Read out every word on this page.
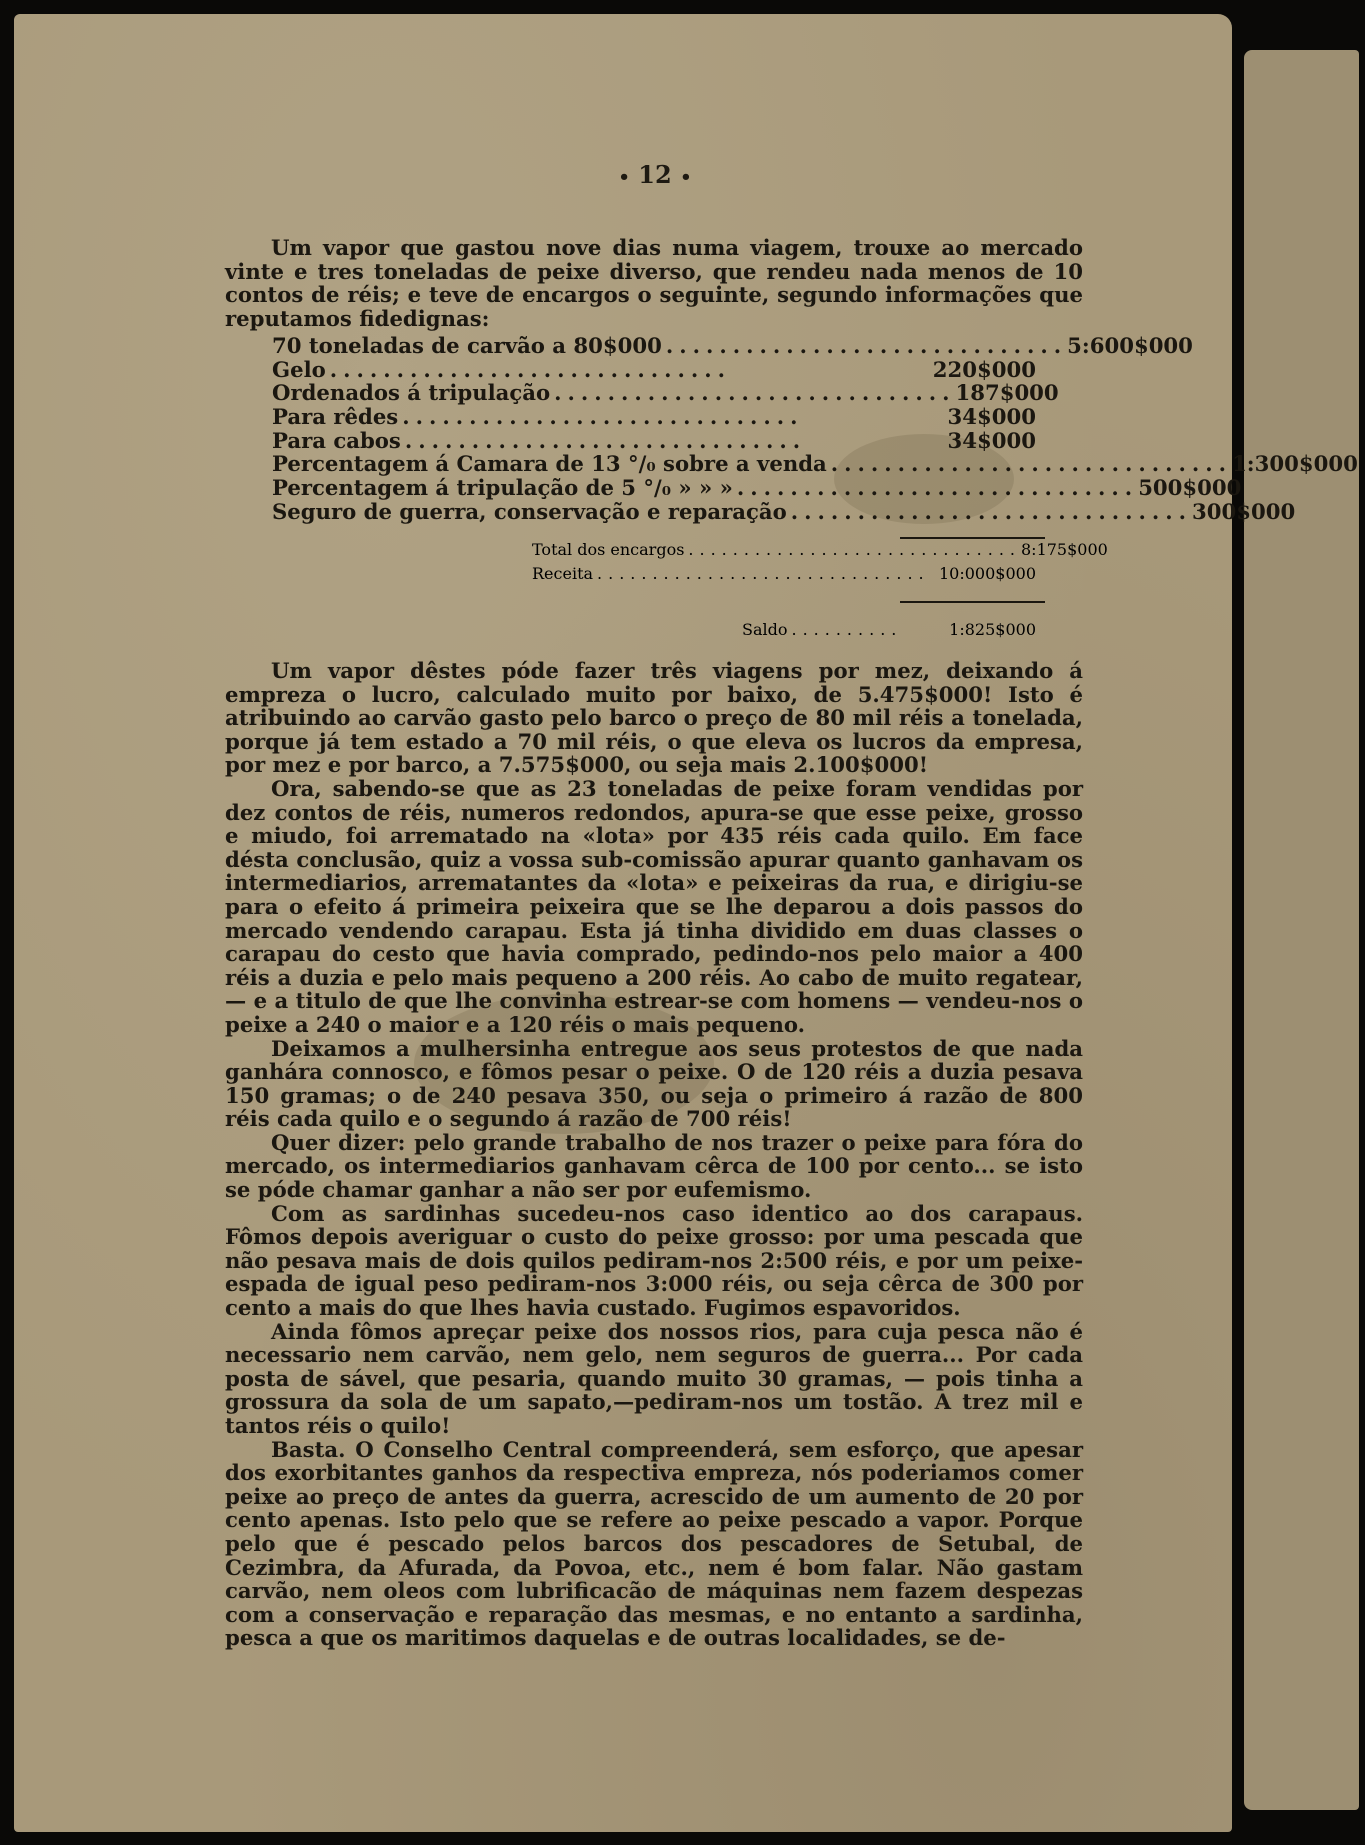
• 12 •

Um vapor que gastou nove dias numa viagem, trouxe ao mercado vinte e tres toneladas de peixe diverso, que rendeu nada menos de 10 contos de réis; e teve de encargos o seguinte, segundo informações que reputamos fidedignas:

70 toneladas de carvão a 80$000 .............................. 5:600$000
Gelo ..............................	220$000
Ordenados á tripulação .............................. 187$000
Para rêdes ..............................	34$000
Para cabos ..............................	34$000
Percentagem á Camara de 13 °/₀ sobre a venda .............................. 1:300$000
Percentagem á tripulação de 5 °/₀ » » » .............................. 500$000
Seguro de guerra, conservação e reparação .............................. 300$000
Total dos encargos .............................. 8:175$000
Receita .............................. 10:000$000
Saldo ..........	1:825$000

Um vapor dêstes póde fazer três viagens por mez, deixando á empreza o lucro, calculado muito por baixo, de 5.475$000! Isto é atribuindo ao carvão gasto pelo barco o preço de 80 mil réis a tonelada, porque já tem estado a 70 mil réis, o que eleva os lucros da empresa, por mez e por barco, a 7.575$000, ou seja mais 2.100$000!

Ora, sabendo-se que as 23 toneladas de peixe foram vendidas por dez contos de réis, numeros redondos, apura-se que esse peixe, grosso e miudo, foi arrematado na «lota» por 435 réis cada quilo. Em face désta conclusão, quiz a vossa sub-comissão apurar quanto ganhavam os intermediarios, arrematantes da «lota» e peixeiras da rua, e dirigiu-se para o efeito á primeira peixeira que se lhe deparou a dois passos do mercado vendendo carapau. Esta já tinha dividido em duas classes o carapau do cesto que havia comprado, pedindo-nos pelo maior a 400 réis a duzia e pelo mais pequeno a 200 réis. Ao cabo de muito regatear, — e a titulo de que lhe convinha estrear-se com homens — vendeu-nos o peixe a 240 o maior e a 120 réis o mais pequeno.

Deixamos a mulhersinha entregue aos seus protestos de que nada ganhára connosco, e fômos pesar o peixe. O de 120 réis a duzia pesava 150 gramas; o de 240 pesava 350, ou seja o primeiro á razão de 800 réis cada quilo e o segundo á razão de 700 réis!

Quer dizer: pelo grande trabalho de nos trazer o peixe para fóra do mercado, os intermediarios ganhavam cêrca de 100 por cento... se isto se póde chamar ganhar a não ser por eufemismo.

Com as sardinhas sucedeu-nos caso identico ao dos carapaus. Fômos depois averiguar o custo do peixe grosso: por uma pescada que não pesava mais de dois quilos pediram-nos 2:500 réis, e por um peixe-espada de igual peso pediram-nos 3:000 réis, ou seja cêrca de 300 por cento a mais do que lhes havia custado. Fugimos espavoridos.

Ainda fômos apreçar peixe dos nossos rios, para cuja pesca não é necessario nem carvão, nem gelo, nem seguros de guerra... Por cada posta de sável, que pesaria, quando muito 30 gramas, — pois tinha a grossura da sola de um sapato,—pediram-nos um tostão. A trez mil e tantos réis o quilo!

Basta. O Conselho Central compreenderá, sem esforço, que apesar dos exorbitantes ganhos da respectiva empreza, nós poderiamos comer peixe ao preço de antes da guerra, acrescido de um aumento de 20 por cento apenas. Isto pelo que se refere ao peixe pescado a vapor. Porque pelo que é pescado pelos barcos dos pescadores de Setubal, de Cezimbra, da Afurada, da Povoa, etc., nem é bom falar. Não gastam carvão, nem oleos com lubrificacão de máquinas nem fazem despezas com a conservação e reparação das mesmas, e no entanto a sardinha, pesca a que os maritimos daquelas e de outras localidades, se de-
